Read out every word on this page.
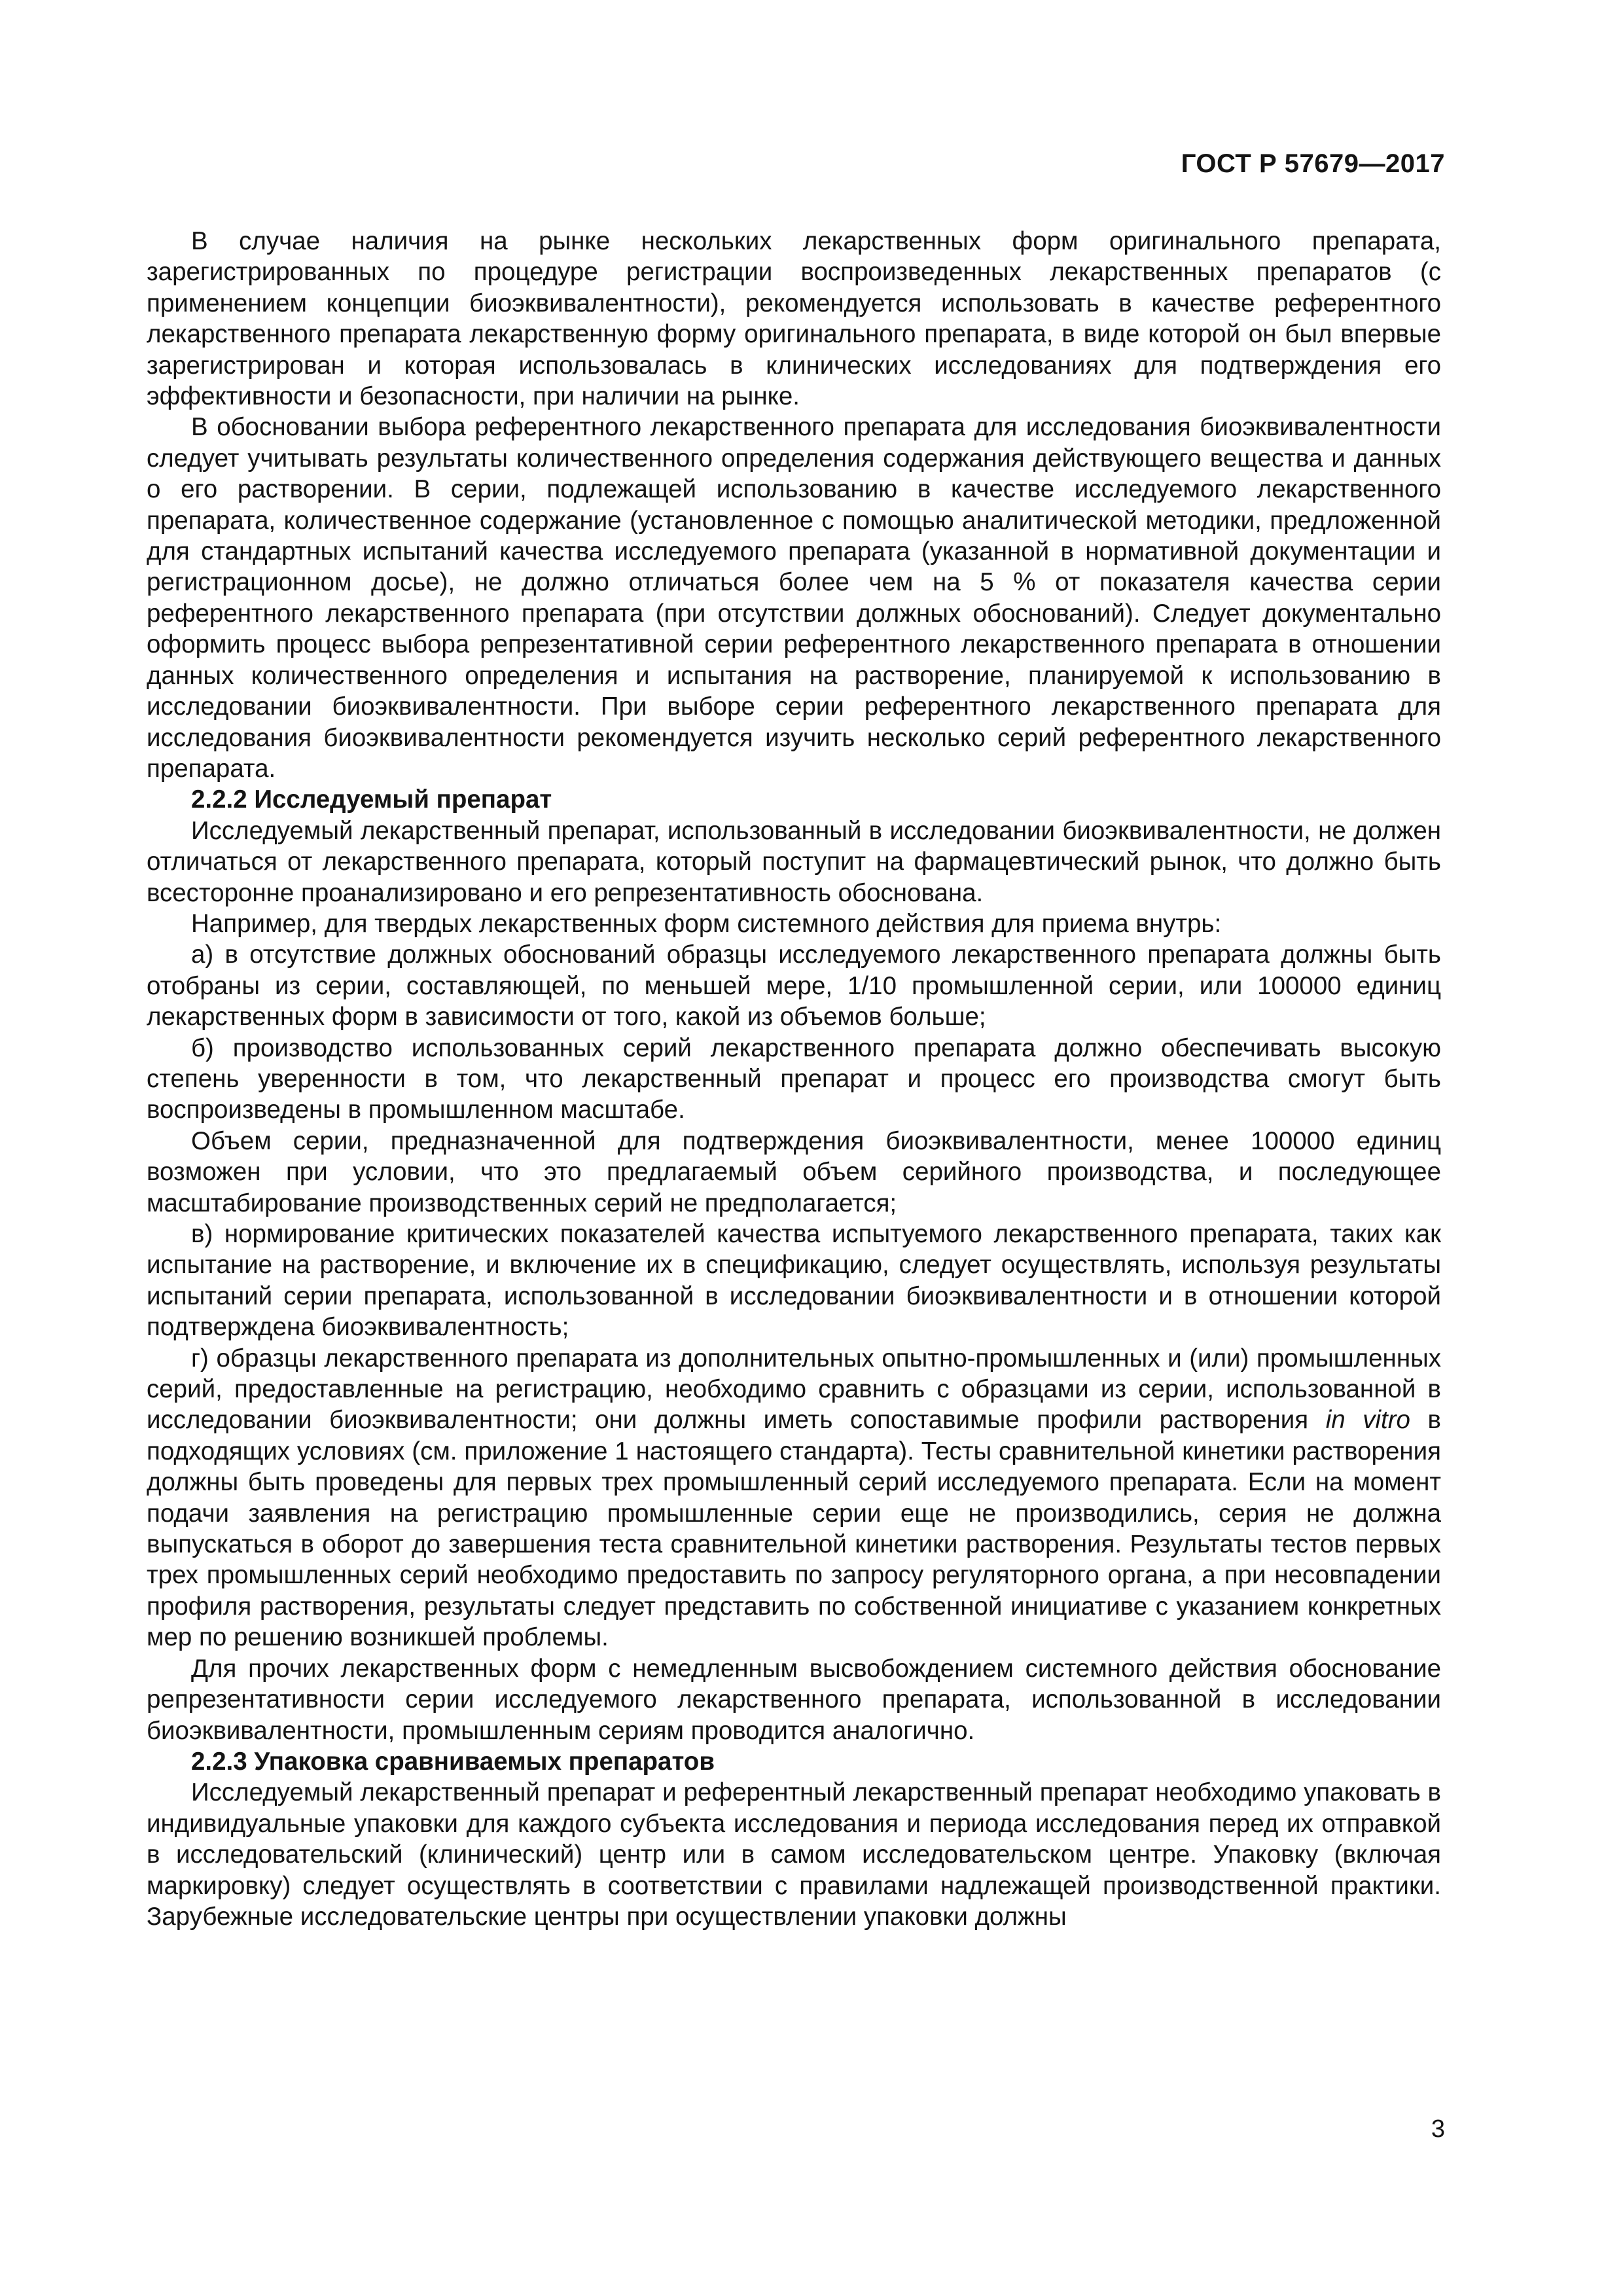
ГОСТ Р 57679—2017

В случае наличия на рынке нескольких лекарственных форм оригинального препарата, зарегистрированных по процедуре регистрации воспроизведенных лекарственных препаратов (с применением концепции биоэквивалентности), рекомендуется использовать в качестве референтного лекарственного препарата лекарственную форму оригинального препарата, в виде которой он был впервые зарегистрирован и которая использовалась в клинических исследованиях для подтверждения его эффективности и безопасности, при наличии на рынке.

В обосновании выбора референтного лекарственного препарата для исследования биоэквивалентности следует учитывать результаты количественного определения содержания действующего вещества и данных о его растворении. В серии, подлежащей использованию в качестве исследуемого лекарственного препарата, количественное содержание (установленное с помощью аналитической методики, предложенной для стандартных испытаний качества исследуемого препарата (указанной в нормативной документации и регистрационном досье), не должно отличаться более чем на 5 % от показателя качества серии референтного лекарственного препарата (при отсутствии должных обоснований). Следует документально оформить процесс выбора репрезентативной серии референтного лекарственного препарата в отношении данных количественного определения и испытания на растворение, планируемой к использованию в исследовании биоэквивалентности. При выборе серии референтного лекарственного препарата для исследования биоэквивалентности рекомендуется изучить несколько серий референтного лекарственного препарата.

2.2.2 Исследуемый препарат

Исследуемый лекарственный препарат, использованный в исследовании биоэквивалентности, не должен отличаться от лекарственного препарата, который поступит на фармацевтический рынок, что должно быть всесторонне проанализировано и его репрезентативность обоснована.

Например, для твердых лекарственных форм системного действия для приема внутрь:

а) в отсутствие должных обоснований образцы исследуемого лекарственного препарата должны быть отобраны из серии, составляющей, по меньшей мере, 1/10 промышленной серии, или 100000 единиц лекарственных форм в зависимости от того, какой из объемов больше;

б) производство использованных серий лекарственного препарата должно обеспечивать высокую степень уверенности в том, что лекарственный препарат и процесс его производства смогут быть воспроизведены в промышленном масштабе.

Объем серии, предназначенной для подтверждения биоэквивалентности, менее 100000 единиц возможен при условии, что это предлагаемый объем серийного производства, и последующее масштабирование производственных серий не предполагается;

в) нормирование критических показателей качества испытуемого лекарственного препарата, таких как испытание на растворение, и включение их в спецификацию, следует осуществлять, используя результаты испытаний серии препарата, использованной в исследовании биоэквивалентности и в отношении которой подтверждена биоэквивалентность;

г) образцы лекарственного препарата из дополнительных опытно-промышленных и (или) промышленных серий, предоставленные на регистрацию, необходимо сравнить с образцами из серии, использованной в исследовании биоэквивалентности; они должны иметь сопоставимые профили растворения in vitro в подходящих условиях (см. приложение 1 настоящего стандарта). Тесты сравнительной кинетики растворения должны быть проведены для первых трех промышленный серий исследуемого препарата. Если на момент подачи заявления на регистрацию промышленные серии еще не производились, серия не должна выпускаться в оборот до завершения теста сравнительной кинетики растворения. Результаты тестов первых трех промышленных серий необходимо предоставить по запросу регуляторного органа, а при несовпадении профиля растворения, результаты следует представить по собственной инициативе с указанием конкретных мер по решению возникшей проблемы.

Для прочих лекарственных форм с немедленным высвобождением системного действия обоснование репрезентативности серии исследуемого лекарственного препарата, использованной в исследовании биоэквивалентности, промышленным сериям проводится аналогично.

2.2.3 Упаковка сравниваемых препаратов

Исследуемый лекарственный препарат и референтный лекарственный препарат необходимо упаковать в индивидуальные упаковки для каждого субъекта исследования и периода исследования перед их отправкой в исследовательский (клинический) центр или в самом исследовательском центре. Упаковку (включая маркировку) следует осуществлять в соответствии с правилами надлежащей производственной практики. Зарубежные исследовательские центры при осуществлении упаковки должны

3
